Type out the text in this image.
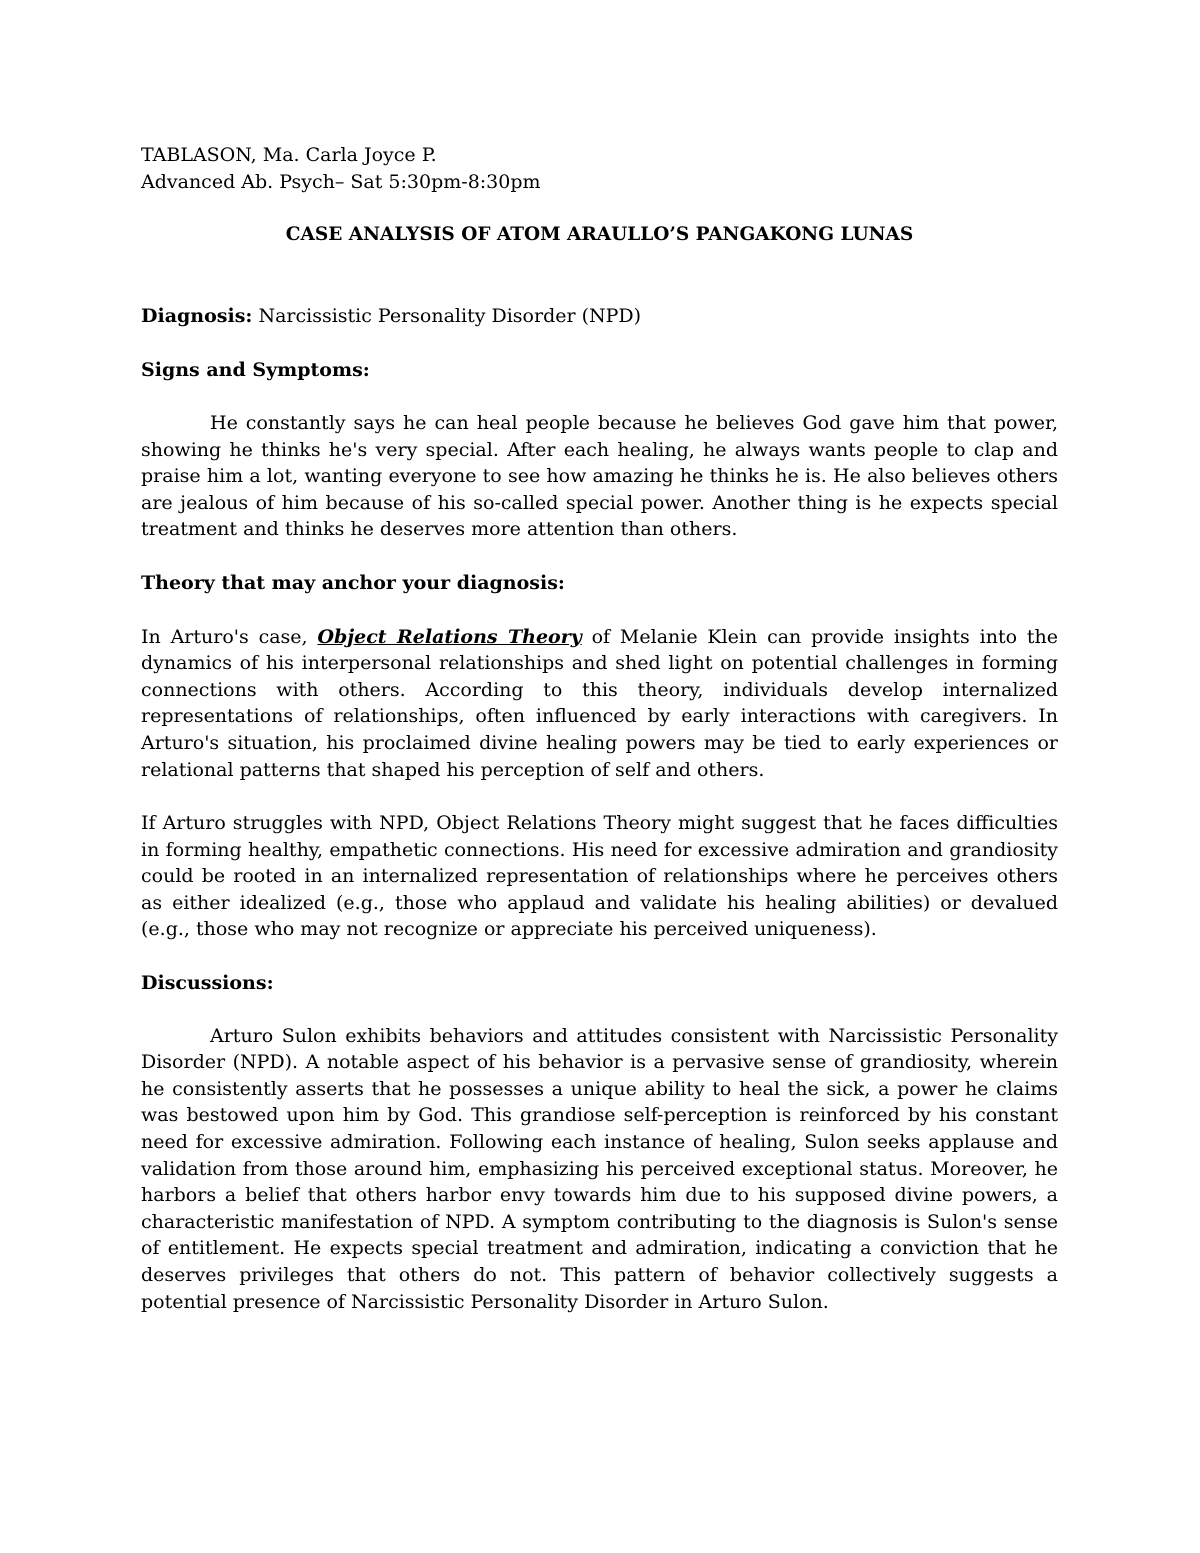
TABLASON, Ma. Carla Joyce P.

Advanced Ab. Psych– Sat 5:30pm-8:30pm

CASE ANALYSIS OF ATOM ARAULLO’S PANGAKONG LUNAS

Diagnosis: Narcissistic Personality Disorder (NPD)

Signs and Symptoms:

He constantly says he can heal people because he believes God gave him that power, showing he thinks he's very special. After each healing, he always wants people to clap and praise him a lot, wanting everyone to see how amazing he thinks he is. He also believes others are jealous of him because of his so-called special power. Another thing is he expects special treatment and thinks he deserves more attention than others.

Theory that may anchor your diagnosis:

In Arturo's case, Object Relations Theory of Melanie Klein can provide insights into the dynamics of his interpersonal relationships and shed light on potential challenges in forming connections with others. According to this theory, individuals develop internalized representations of relationships, often influenced by early interactions with caregivers. In Arturo's situation, his proclaimed divine healing powers may be tied to early experiences or relational patterns that shaped his perception of self and others.

If Arturo struggles with NPD, Object Relations Theory might suggest that he faces difficulties in forming healthy, empathetic connections. His need for excessive admiration and grandiosity could be rooted in an internalized representation of relationships where he perceives others as either idealized (e.g., those who applaud and validate his healing abilities) or devalued (e.g., those who may not recognize or appreciate his perceived uniqueness).

Discussions:

Arturo Sulon exhibits behaviors and attitudes consistent with Narcissistic Personality Disorder (NPD). A notable aspect of his behavior is a pervasive sense of grandiosity, wherein he consistently asserts that he possesses a unique ability to heal the sick, a power he claims was bestowed upon him by God. This grandiose self-perception is reinforced by his constant need for excessive admiration. Following each instance of healing, Sulon seeks applause and validation from those around him, emphasizing his perceived exceptional status. Moreover, he harbors a belief that others harbor envy towards him due to his supposed divine powers, a characteristic manifestation of NPD. A symptom contributing to the diagnosis is Sulon's sense of entitlement. He expects special treatment and admiration, indicating a conviction that he deserves privileges that others do not. This pattern of behavior collectively suggests a potential presence of Narcissistic Personality Disorder in Arturo Sulon.
